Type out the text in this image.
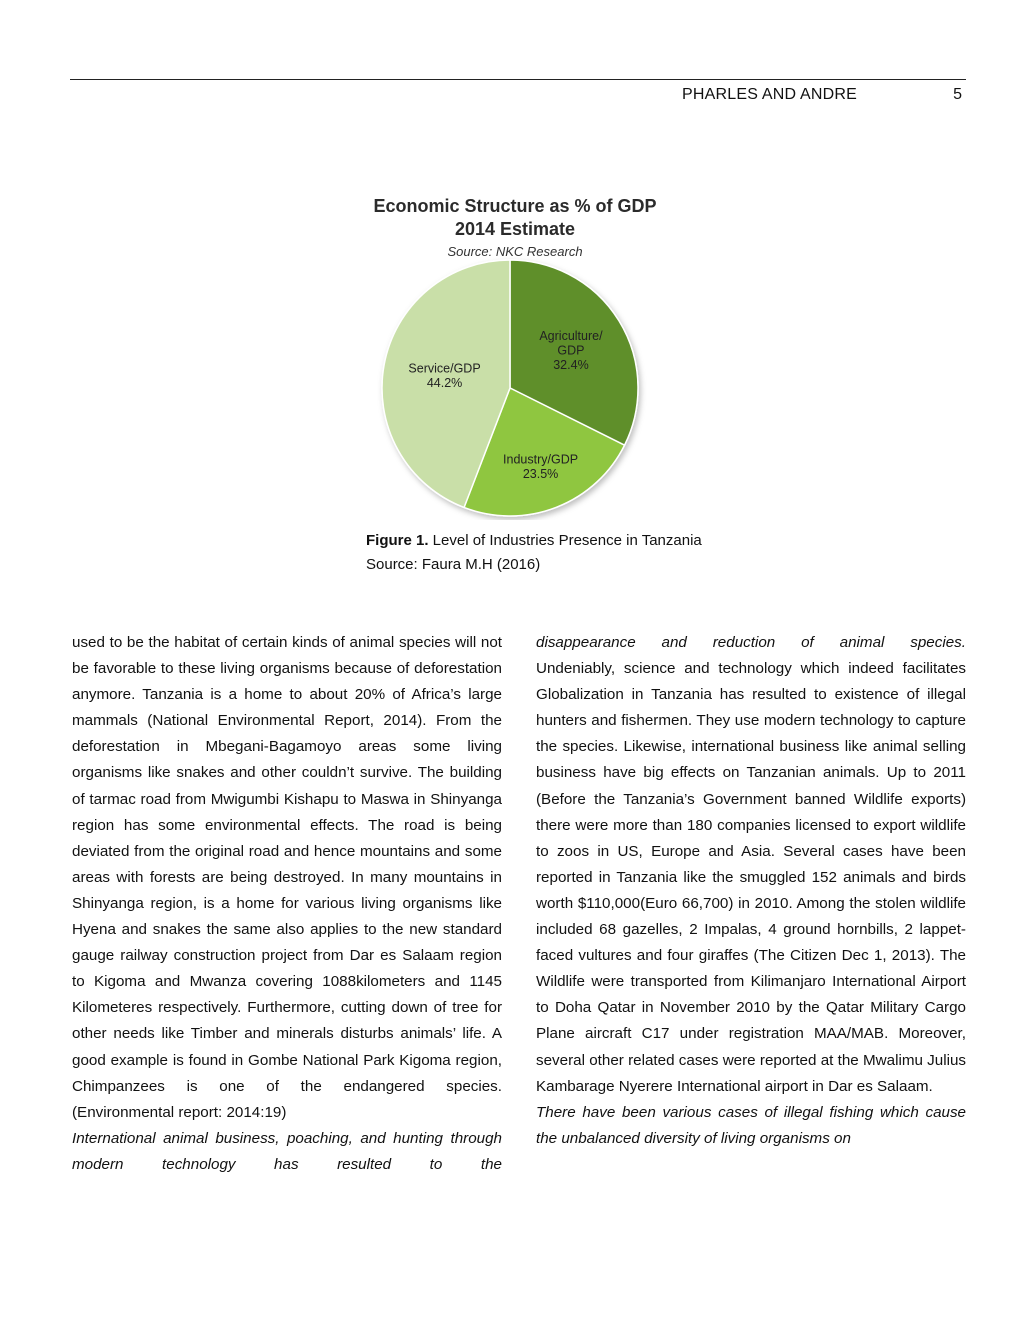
PHARLES AND ANDRE	5
Economic Structure as % of GDP
2014 Estimate
Source: NKC Research
Agriculture/ GDP 32.4%
Industry/GDP 23.5%
Service/GDP 44.2%
Figure 1. Level of Industries Presence in Tanzania
Source: Faura M.H (2016)

used to be the habitat of certain kinds of animal species will not be favorable to these living organisms because of deforestation anymore. Tanzania is a home to about 20% of Africa’s large mammals (National Environmental Report, 2014). From the deforestation in Mbegani-Bagamoyo areas some living organisms like snakes and other couldn’t survive. The building of tarmac road from Mwigumbi Kishapu to Maswa in Shinyanga region has some environmental effects. The road is being deviated from the original road and hence mountains and some areas with forests are being destroyed. In many mountains in Shinyanga region, is a home for various living organisms like Hyena and snakes the same also applies to the new standard gauge railway construction project from Dar es Salaam region to Kigoma and Mwanza covering 1088kilometers and 1145 Kilometeres respectively. Furthermore, cutting down of tree for other needs like Timber and minerals disturbs animals’ life. A good example is found in Gombe National Park Kigoma region, Chimpanzees is one of the endangered species. (Environmental report: 2014:19)

International animal business, poaching, and hunting through modern technology has resulted to the

disappearance and reduction of animal species.

Undeniably, science and technology which indeed facilitates Globalization in Tanzania has resulted to existence of illegal hunters and fishermen. They use modern technology to capture the species. Likewise, international business like animal selling business have big effects on Tanzanian animals. Up to 2011 (Before the Tanzania’s Government banned Wildlife exports) there were more than 180 companies licensed to export wildlife to zoos in US, Europe and Asia. Several cases have been reported in Tanzania like the smuggled 152 animals and birds worth $110,000(Euro 66,700) in 2010. Among the stolen wildlife included 68 gazelles, 2 Impalas, 4 ground hornbills, 2 lappet-faced vultures and four giraffes (The Citizen Dec 1, 2013). The Wildlife were transported from Kilimanjaro International Airport to Doha Qatar in November 2010 by the Qatar Military Cargo Plane aircraft C17 under registration MAA/MAB. Moreover, several other related cases were reported at the Mwalimu Julius Kambarage Nyerere International airport in Dar es Salaam.

There have been various cases of illegal fishing which cause the unbalanced diversity of living organisms on
